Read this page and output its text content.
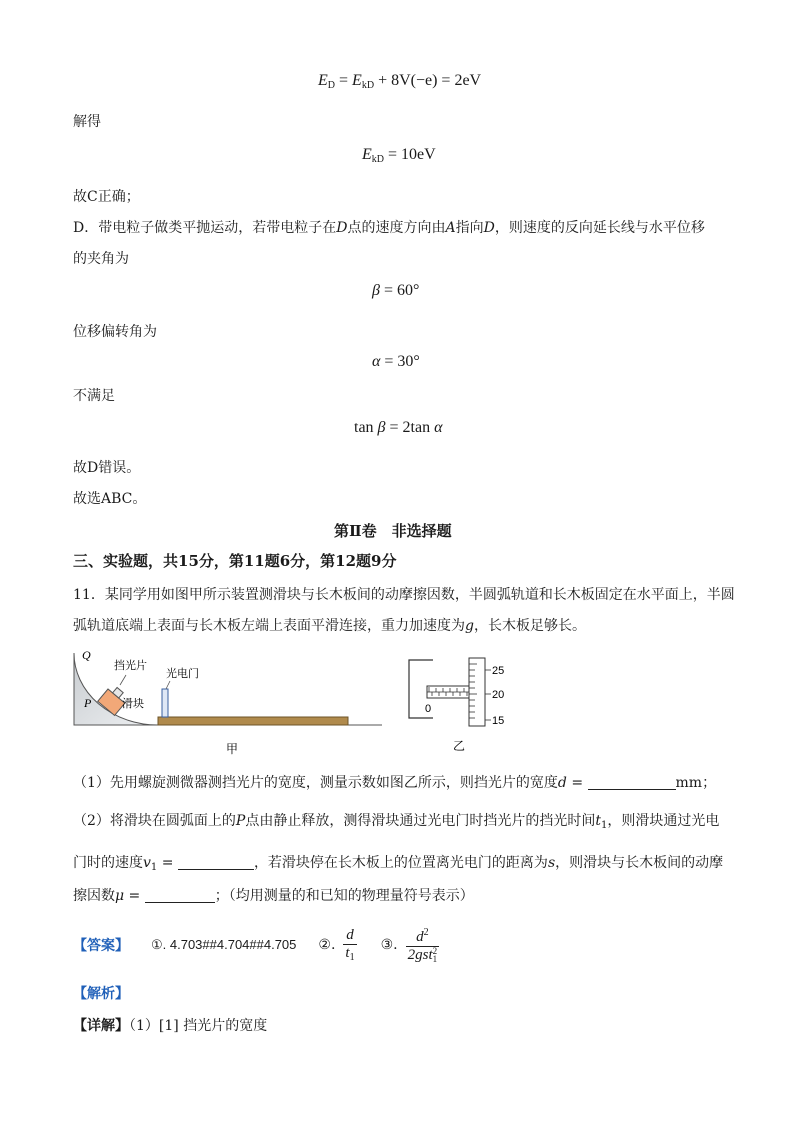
$E_D = E_{kD} + 8V(-e) = 2eV$
解得
$E_{kD} = 10eV$
故C正确；
D．带电粒子做类平抛运动，若带电粒子在D点的速度方向由A指向D，则速度的反向延长线与水平位移
的夹角为
β = 60°
位移偏转角为
α = 30°
不满足
tan β = 2tan α
故D错误。
故选ABC。
第Ⅱ卷　非选择题
三、实验题，共15分，第11题6分，第12题9分
11．某同学用如图甲所示装置测滑块与长木板间的动摩擦因数，半圆弧轨道和长木板固定在水平面上，半圆
弧轨道底端上表面与长木板左端上表面平滑连接，重力加速度为g，长木板足够长。
Q
P
挡光片
滑块
光电门
甲
25
20
15
0
乙
（1）先用螺旋测微器测挡光片的宽度，测量示数如图乙所示，则挡光片的宽度d =	mm；
（2）将滑块在圆弧面上的P点由静止释放，测得滑块通过光电门时挡光片的挡光时间$t_1$，则滑块通过光电
门时的速度$v_1$ =	，若滑块停在长木板上的位置离光电门的距离为s，则滑块与长木板间的动摩
擦因数μ =	；（均用测量的和已知的物理量符号表示）
【答案】 ①. 4.703##4.704##4.705 ②. $\frac{d}{t_1}$ ③. $d^2$
2gst 2
1
【解析】
【详解】（1）[1] 挡光片的宽度
